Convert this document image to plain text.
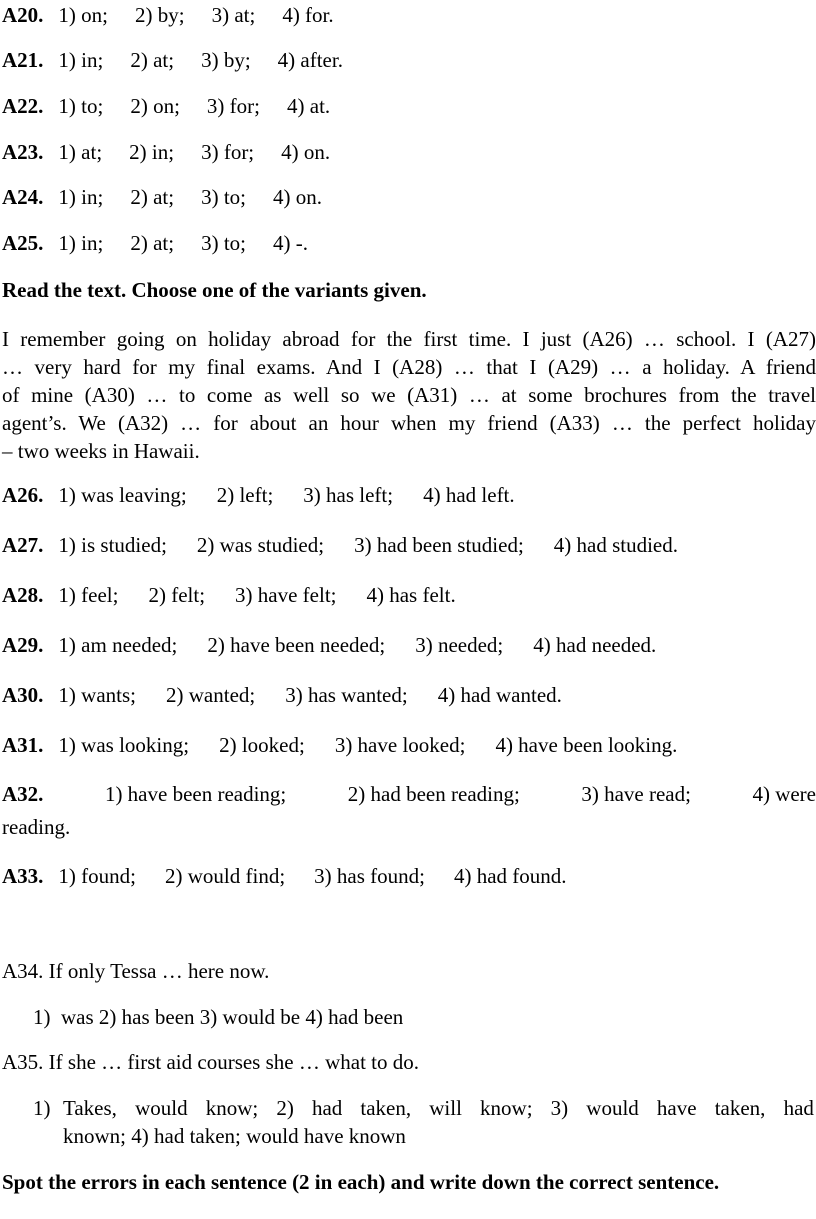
A20. 1) on; 2) by; 3) at; 4) for.
A21. 1) in; 2) at; 3) by; 4) after.
A22. 1) to; 2) on; 3) for; 4) at.
A23. 1) at; 2) in; 3) for; 4) on.
A24. 1) in; 2) at; 3) to; 4) on.
A25. 1) in; 2) at; 3) to; 4) -.
Read the text. Choose one of the variants given.
I remember going on holiday abroad for the first time. I just (A26) … school. I (A27)
… very hard for my final exams. And I (A28) … that I (A29) … a holiday. A friend
of mine (A30) … to come as well so we (A31) … at some brochures from the travel
agent’s. We (A32) … for about an hour when my friend (A33) … the perfect holiday
– two weeks in Hawaii.
A26. 1) was leaving; 2) left; 3) has left; 4) had left.
A27. 1) is studied; 2) was studied; 3) had been studied; 4) had studied.
A28. 1) feel; 2) felt; 3) have felt; 4) has felt.
A29. 1) am needed; 2) have been needed; 3) needed; 4) had needed.
A30. 1) wants; 2) wanted; 3) has wanted; 4) had wanted.
A31. 1) was looking; 2) looked; 3) have looked; 4) have been looking.
A32.	1) have been reading;	2) had been reading;	3) have read;	4) were
reading.
A33. 1) found; 2) would find; 3) has found; 4) had found.
A34. If only Tessa … here now.
1)  was 2) has been 3) would be 4) had been
A35. If she … first aid courses she … what to do.
1) Takes, would know; 2) had taken, will know; 3) would have taken, had
known; 4) had taken; would have known
Spot the errors in each sentence (2 in each) and write down the correct sentence.
